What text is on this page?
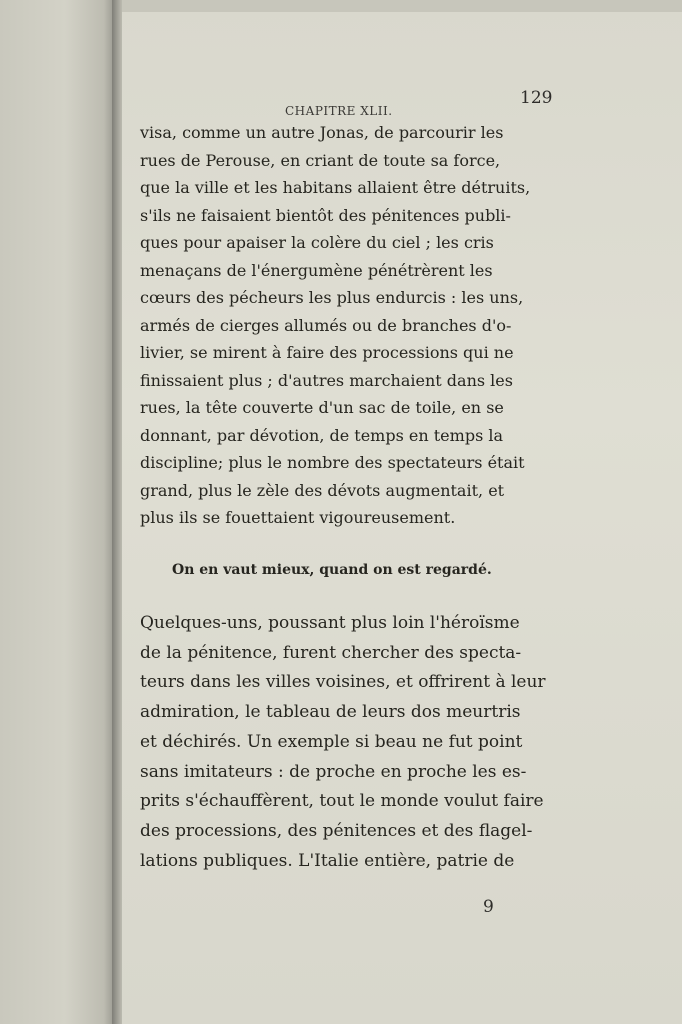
CHAPITRE XLII.
129
visa, comme un autre Jonas, de parcourir les
rues de Perouse, en criant de toute sa force,
que la ville et les habitans allaient être détruits,
s'ils ne faisaient bientôt des pénitences publi-
ques pour apaiser la colère du ciel ; les cris
menaçans de l'énergumène pénétrèrent les
cœurs des pécheurs les plus endurcis : les uns,
armés de cierges allumés ou de branches d'o-
livier, se mirent à faire des processions qui ne
finissaient plus ; d'autres marchaient dans les
rues, la tête couverte d'un sac de toile, en se
donnant, par dévotion, de temps en temps la
discipline; plus le nombre des spectateurs était
grand, plus le zèle des dévots augmentait, et
plus ils se fouettaient vigoureusement.
On en vaut mieux, quand on est regardé.
Quelques-uns, poussant plus loin l'héroïsme
de la pénitence, furent chercher des specta-
teurs dans les villes voisines, et offrirent à leur
admiration, le tableau de leurs dos meurtris
et déchirés. Un exemple si beau ne fut point
sans imitateurs : de proche en proche les es-
prits s'échauffèrent, tout le monde voulut faire
des processions, des pénitences et des flagel-
lations publiques. L'Italie entière, patrie de
9
